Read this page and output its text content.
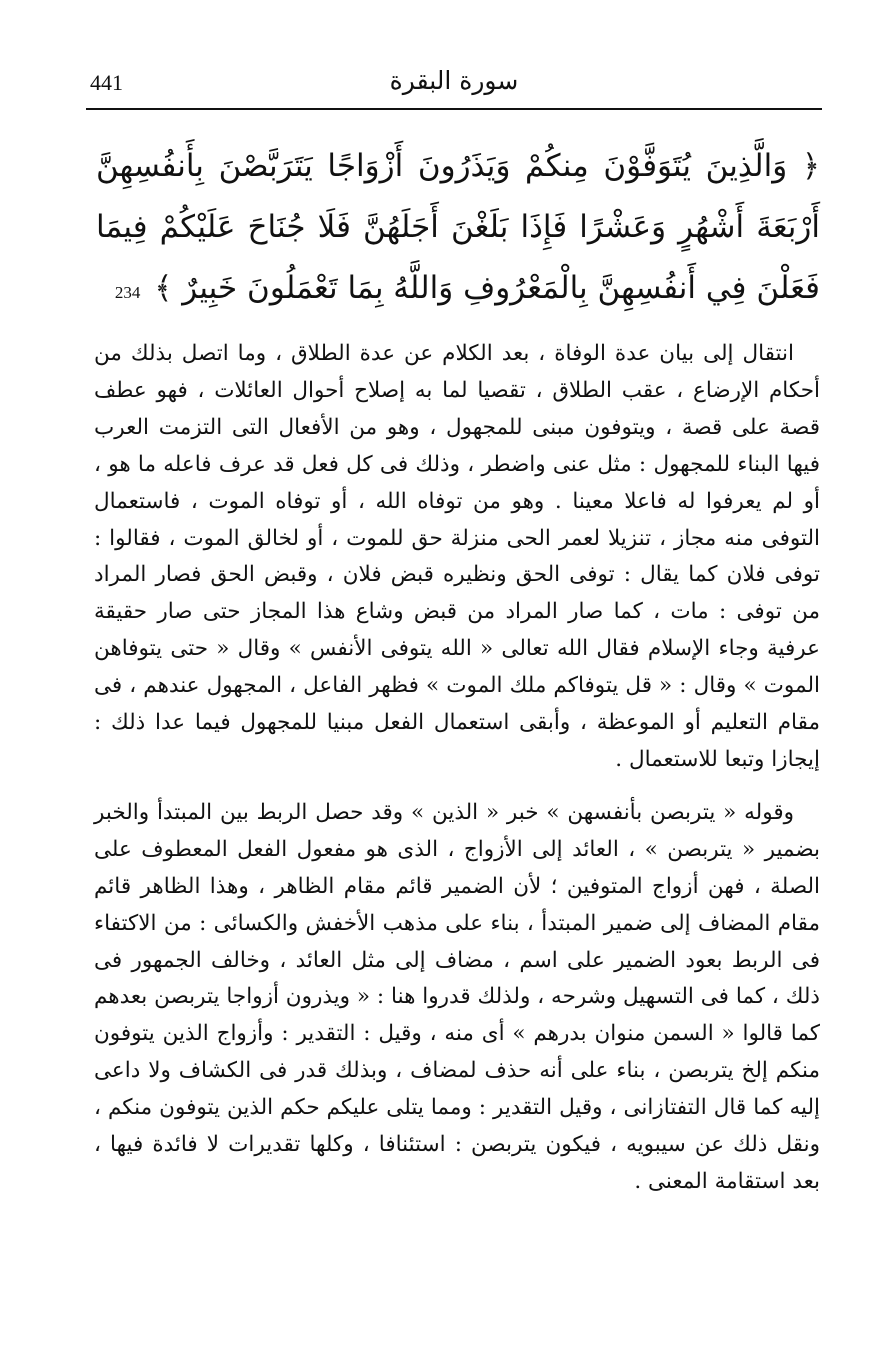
سورة البقرة
441
﴿ وَالَّذِينَ يُتَوَفَّوْنَ مِنكُمْ وَيَذَرُونَ أَزْوَاجًا يَتَرَبَّصْنَ بِأَنفُسِهِنَّ أَرْبَعَةَ أَشْهُرٍ وَعَشْرًا فَإِذَا بَلَغْنَ أَجَلَهُنَّ فَلَا جُنَاحَ عَلَيْكُمْ فِيمَا فَعَلْنَ فِي أَنفُسِهِنَّ بِالْمَعْرُوفِ وَاللَّهُ بِمَا تَعْمَلُونَ خَبِيرٌ ﴾ 234

انتقال إلى بيان عدة الوفاة ، بعد الكلام عن عدة الطلاق ، وما اتصل بذلك من أحكام الإرضاع ، عقب الطلاق ، تقصيا لما به إصلاح أحوال العائلات ، فهو عطف قصة على قصة ، ويتوفون مبنى للمجهول ، وهو من الأفعال التى التزمت العرب فيها البناء للمجهول : مثل عنى واضطر ، وذلك فى كل فعل قد عرف فاعله ما هو ، أو لم يعرفوا له فاعلا معينا . وهو من توفاه الله ، أو توفاه الموت ، فاستعمال التوفى منه مجاز ، تنزيلا لعمر الحى منزلة حق للموت ، أو لخالق الموت ، فقالوا : توفى فلان كما يقال : توفى الحق ونظيره قبض فلان ، وقبض الحق فصار المراد من توفى : مات ، كما صار المراد من قبض وشاع هذا المجاز حتى صار حقيقة عرفية وجاء الإسلام فقال الله تعالى « الله يتوفى الأنفس » وقال « حتى يتوفاهن الموت » وقال : « قل يتوفاكم ملك الموت » فظهر الفاعل ، المجهول عندهم ، فى مقام التعليم أو الموعظة ، وأبقى استعمال الفعل مبنيا للمجهول فيما عدا ذلك : إيجازا وتبعا للاستعمال .

وقوله « يتربصن بأنفسهن » خبر « الذين » وقد حصل الربط بين المبتدأ والخبر بضمير « يتربصن » ، العائد إلى الأزواج ، الذى هو مفعول الفعل المعطوف على الصلة ، فهن أزواج المتوفين ؛ لأن الضمير قائم مقام الظاهر ، وهذا الظاهر قائم مقام المضاف إلى ضمير المبتدأ ، بناء على مذهب الأخفش والكسائى : من الاكتفاء فى الربط بعود الضمير على اسم ، مضاف إلى مثل العائد ، وخالف الجمهور فى ذلك ، كما فى التسهيل وشرحه ، ولذلك قدروا هنا : « ويذرون أزواجا يتربصن بعدهم كما قالوا « السمن منوان بدرهم » أى منه ، وقيل : التقدير : وأزواج الذين يتوفون منكم إلخ يتربصن ، بناء على أنه حذف لمضاف ، وبذلك قدر فى الكشاف ولا داعى إليه كما قال التفتازانى ، وقيل التقدير : ومما يتلى عليكم حكم الذين يتوفون منكم ، ونقل ذلك عن سيبويه ، فيكون يتربصن : استئنافا ، وكلها تقديرات لا فائدة فيها ، بعد استقامة المعنى .
